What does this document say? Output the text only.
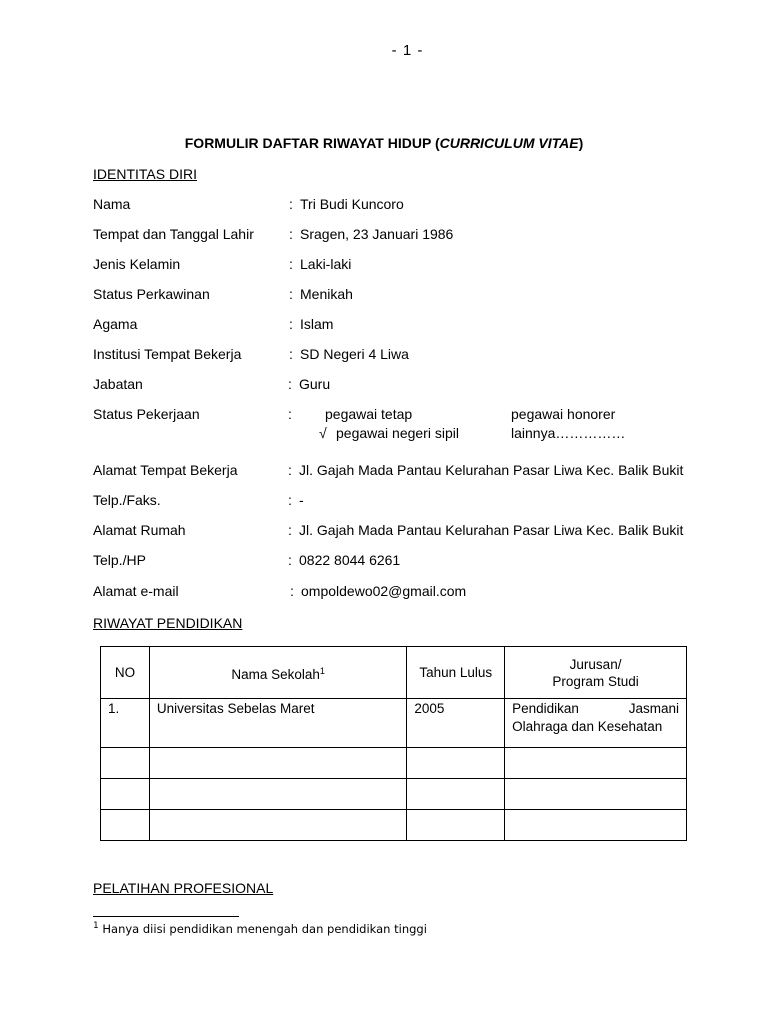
- 1 -
FORMULIR DAFTAR RIWAYAT HIDUP (CURRICULUM VITAE)
IDENTITAS DIRI
Nama	: Tri Budi Kuncoro
Tempat dan Tanggal Lahir	: Sragen, 23 Januari 1986
Jenis Kelamin	: Laki-laki
Status Perkawinan	: Menikah
Agama	: Islam
Institusi Tempat Bekerja	: SD Negeri 4 Liwa
Jabatan	: Guru
Status Pekerjaan	: pegawai tetap	pegawai honorer
√ pegawai negeri sipil	lainnya……………
Alamat Tempat Bekerja	: Jl. Gajah Mada Pantau Kelurahan Pasar Liwa Kec. Balik Bukit
Telp./Faks.	: -
Alamat Rumah	: Jl. Gajah Mada Pantau Kelurahan Pasar Liwa Kec. Balik Bukit
Telp./HP	: 0822 8044 6261
Alamat e-mail	: ompoldewo02@gmail.com
RIWAYAT PENDIDIKAN
NO	Nama Sekolah$^1$	Tahun Lulus	Jurusan/
Program Studi

1.	Universitas Sebelas Maret	2005	Pendidikan Jasmani
Olahraga dan Kesehatan

PELATIHAN PROFESIONAL
$^1$ Hanya diisi pendidikan menengah dan pendidikan tinggi
